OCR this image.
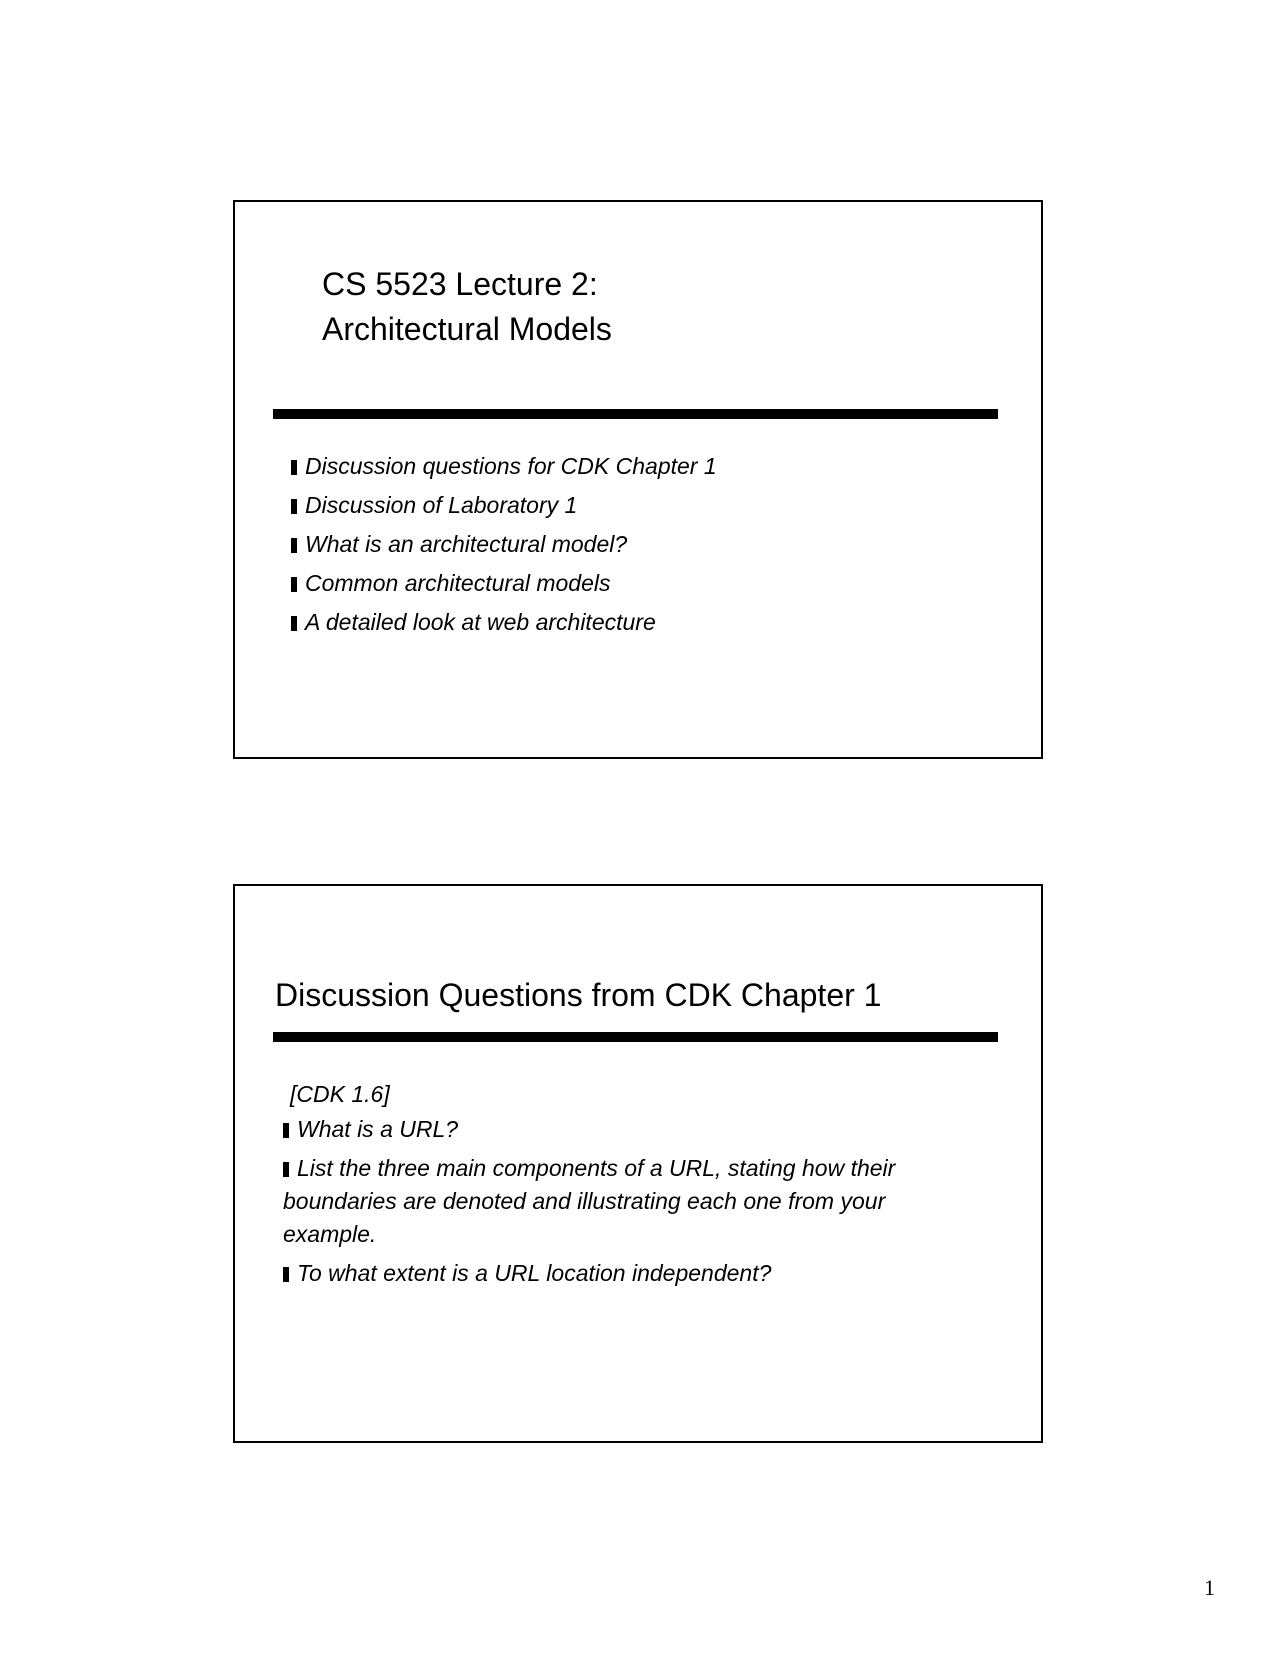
CS 5523 Lecture 2:
Architectural Models
Discussion questions for CDK Chapter 1
Discussion of Laboratory 1
What is an architectural model?
Common architectural models
A detailed look at web architecture
Discussion Questions from CDK Chapter 1

[CDK 1.6]

What is a URL?
List the three main components of a URL, stating how their boundaries are denoted and illustrating each one from your example.
To what extent is a URL location independent?
1
